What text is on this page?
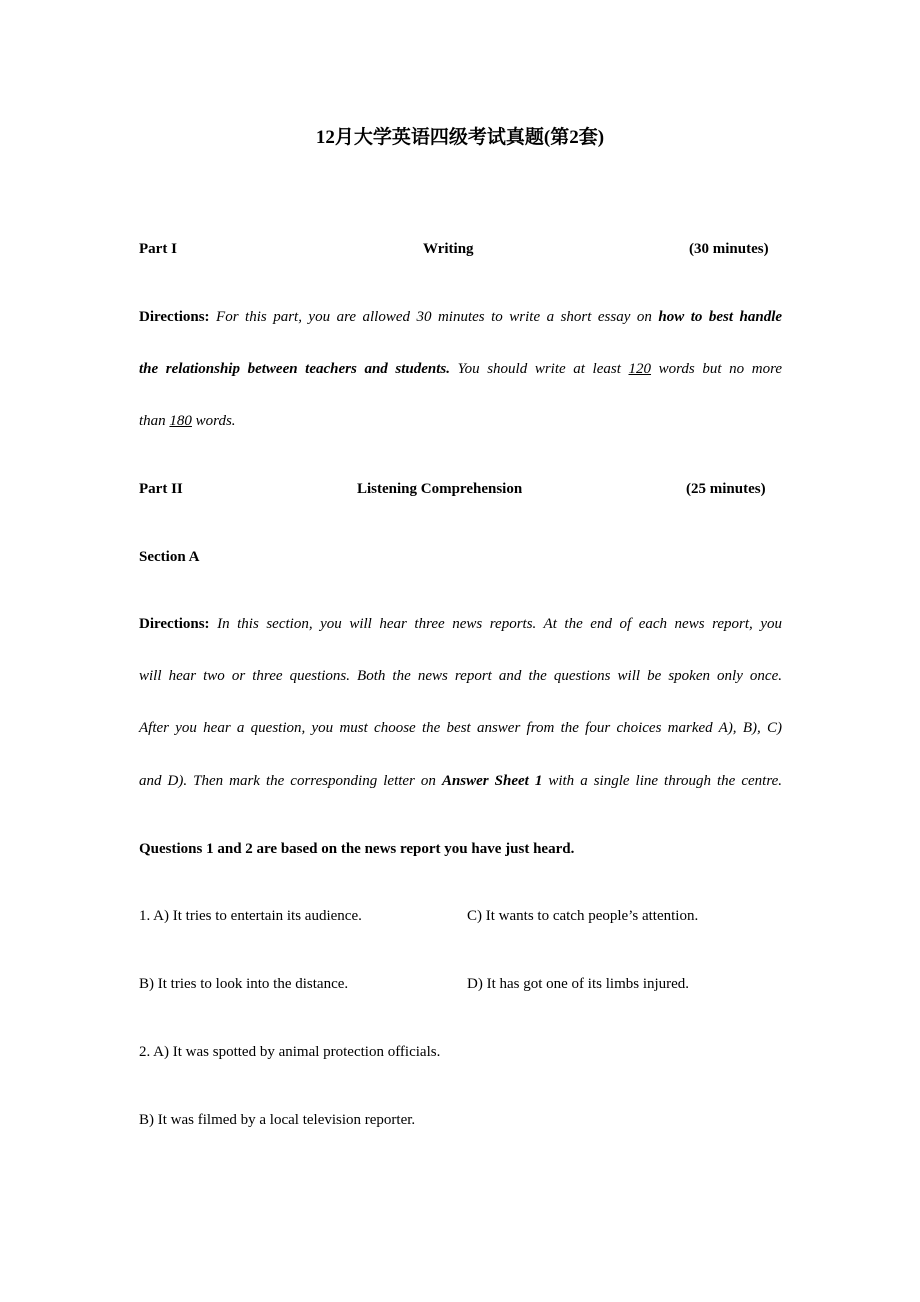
12月大学英语四级考试真题(第2套)
Part I	Writing	(30 minutes)
Directions: For this part, you are allowed 30 minutes to write a short essay on how to best handle
the relationship between teachers and students. You should write at least 120 words but no more
than 180 words.
Part II	Listening Comprehension	(25 minutes)
Section A
Directions: In this section, you will hear three news reports. At the end of each news report, you
will hear two or three questions. Both the news report and the questions will be spoken only once.
After you hear a question, you must choose the best answer from the four choices marked A), B), C)
and D). Then mark the corresponding letter on Answer Sheet 1 with a single line through the centre.
Questions 1 and 2 are based on the news report you have just heard.
1. A) It tries to entertain its audience.	C) It wants to catch people’s attention.
B) It tries to look into the distance.	D) It has got one of its limbs injured.
2. A) It was spotted by animal protection officials.
B) It was filmed by a local television reporter.
